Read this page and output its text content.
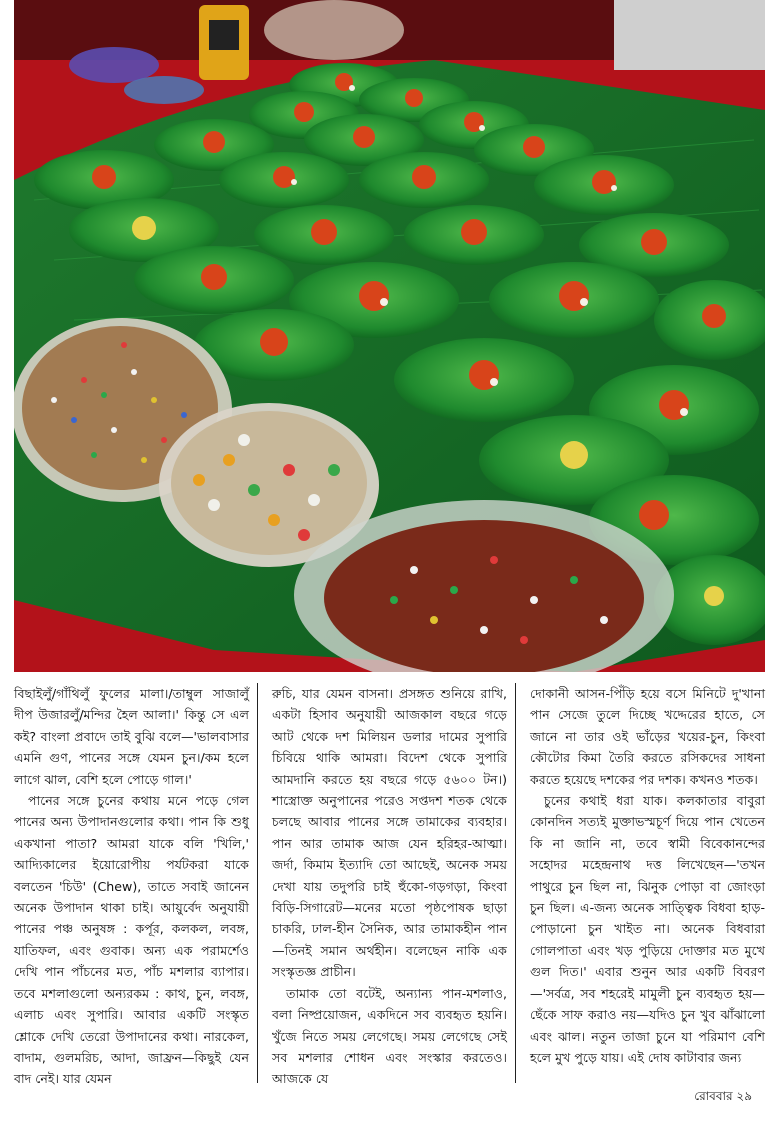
বিছাইলুঁ/গাঁথিলুঁ ফুলের মালা।/তাম্বুল সাজালুঁ দীপ উজারলুঁ/মন্দির হৈল আলা।' কিন্তু সে এল কই? বাংলা প্রবাদে তাই বুঝি বলে—'ভালবাসার এমনি গুণ, পানের সঙ্গে যেমন চুন।/কম হলে লাগে ঝাল, বেশি হলে পোড়ে গাল।'

পানের সঙ্গে চুনের কথায় মনে পড়ে গেল পানের অন্য উপাদানগুলোর কথা। পান কি শুধু একখানা পাতা? আমরা যাকে বলি 'খিলি,' আদ্যিকালের ইয়োরোপীয় পর্যটকরা যাকে বলতেন 'চিউ' (Chew), তাতে সবাই জানেন অনেক উপাদান থাকা চাই। আয়ুর্বেদ অনুযায়ী পানের পঞ্চ অনুষঙ্গ : কর্পূর, কলকল, লবঙ্গ, যাতিফল, এবং গুবাক। অন্য এক পরামর্শেও দেখি পান পাঁচনের মত, পাঁচ মশলার ব্যাপার। তবে মশলাগুলো অন্যরকম : কাথ, চুন, লবঙ্গ, এলাচ এবং সুপারি। আবার একটি সংস্কৃত শ্লোকে দেখি তেরো উপাদানের কথা। নারকেল, বাদাম, গুলমরিচ, আদা, জাফ্রন—কিছুই যেন বাদ নেই। যার যেমন

রুচি, যার যেমন বাসনা। প্রসঙ্গত শুনিয়ে রাখি, একটা হিসাব অনুযায়ী আজকাল বছরে গড়ে আট থেকে দশ মিলিয়ন ডলার দামের সুপারি চিবিয়ে থাকি আমরা। বিদেশ থেকে সুপারি আমদানি করতে হয় বছরে গড়ে ৫৬০০ টন।) শাস্ত্রোক্ত অনুপানের পরেও সপ্তদশ শতক থেকে চলছে আবার পানের সঙ্গে তামাকের ব্যবহার। পান আর তামাক আজ যেন হরিহর-আত্মা। জর্দা, কিমাম ইত্যাদি তো আছেই, অনেক সময় দেখা যায় তদুপরি চাই হুঁকো-গড়গড়া, কিংবা বিড়ি-সিগারেট—মনের মতো পৃষ্ঠপোষক ছাড়া চাকরি, ঢাল-হীন সৈনিক, আর তামাকহীন পান—তিনই সমান অর্থহীন। বলেছেন নাকি এক সংস্কৃতজ্ঞ প্রাচীন।

তামাক তো বটেই, অন্যান্য পান-মশলাও, বলা নিষ্প্রয়োজন, একদিনে সব ব্যবহৃত হয়নি। খুঁজে নিতে সময় লেগেছে। সময় লেগেছে সেই সব মশলার শোধন এবং সংস্কার করতেও। আজকে যে

দোকানী আসন-পিঁড়ি হয়ে বসে মিনিটে দু'খানা পান সেজে তুলে দিচ্ছে খদ্দেরের হাতে, সে জানে না তার ওই ভাঁড়ের খয়ের-চুন, কিংবা কৌটোর কিমা তৈরি করতে রসিকদের সাধনা করতে হয়েছে দশকের পর দশক। কখনও শতক।

চুনের কথাই ধরা যাক। কলকাতার বাবুরা কোনদিন সত্যই মুক্তাভস্মচূর্ণ দিয়ে পান খেতেন কি না জানি না, তবে স্বামী বিবেকানন্দের সহোদর মহেন্দ্রনাথ দত্ত লিখেছেন—'তখন পাথুরে চুন ছিল না, ঝিনুক পোড়া বা জোংড়া চুন ছিল। এ-জন্য অনেক সাত্ত্বিক বিধবা হাড়-পোড়ানো চুন খাইত না। অনেক বিধবারা গোলপাতা এবং খড় পুড়িয়ে দোক্তার মত মুখে গুল দিত।' এবার শুনুন আর একটি বিবরণ—'সর্বত্র, সব শহরেই মামুলী চুন ব্যবহৃত হয়—ছেঁকে সাফ করাও নয়—যদিও চুন খুব ঝাঁঝালো এবং ঝাল। নতুন তাজা চুনে যা পরিমাণ বেশি হলে মুখ পুড়ে যায়। এই দোষ কাটাবার জন্য

রোববার ২৯
